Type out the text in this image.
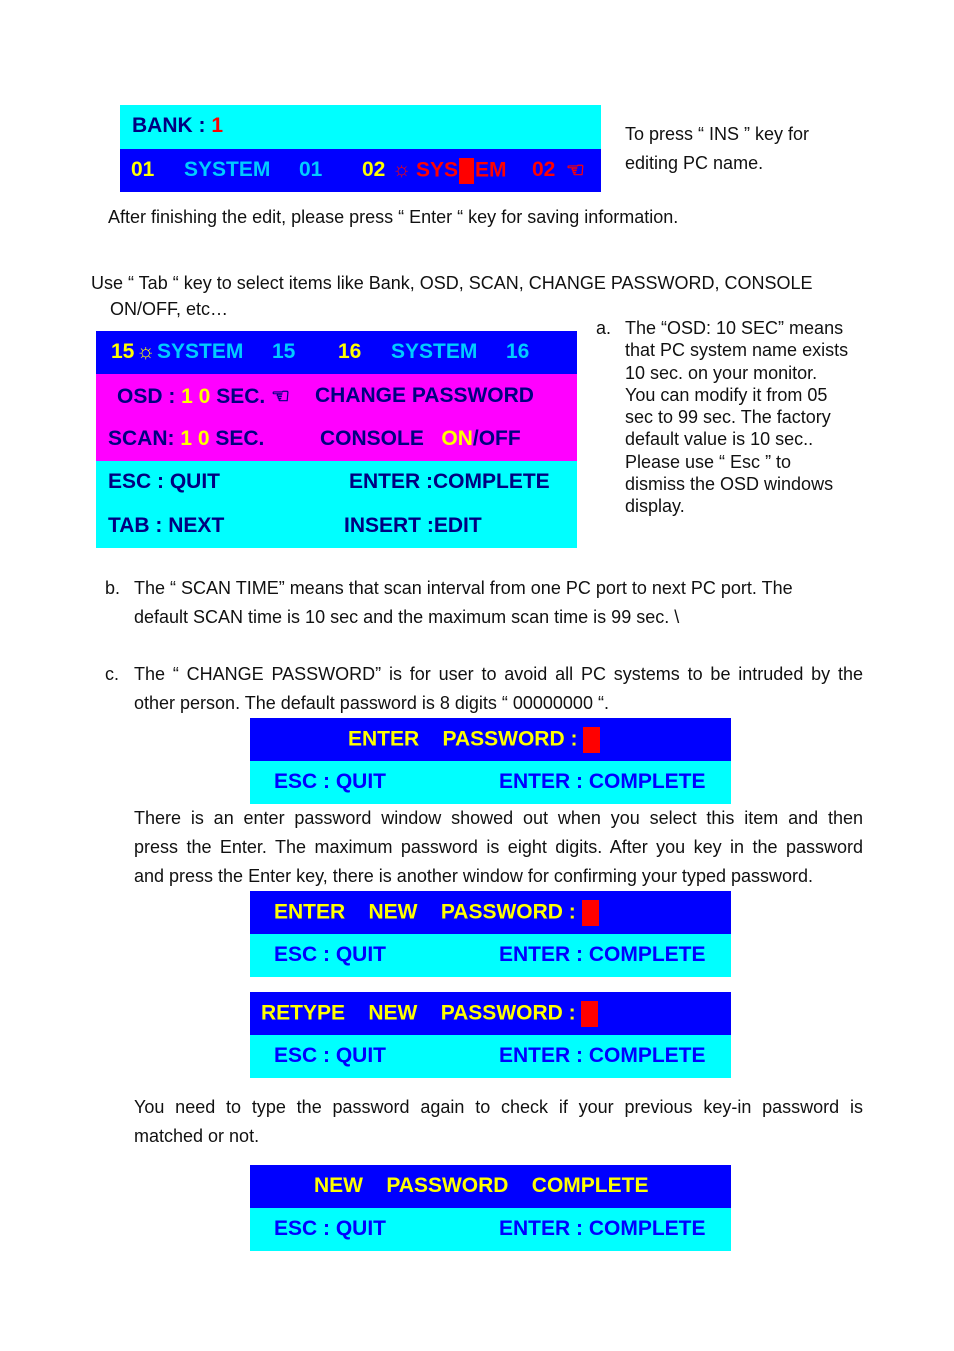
BANK : 1
01 SYSTEM 01 02 ☼ SYS EM 02 ☜
To press “ INS ” key for
editing PC name.
After finishing the edit, please press “ Enter “ key for saving information.
Use “ Tab “ key to select items like Bank, OSD, SCAN, CHANGE PASSWORD, CONSOLE
ON/OFF, etc…
15 ☼ SYSTEM 15 16 SYSTEM 16
OSD : 1 0 SEC. ☜ CHANGE PASSWORD
SCAN: 1 0 SEC.	CONSOLE ON/OFF
ESC : QUIT	ENTER :COMPLETE
TAB : NEXT	INSERT :EDIT
a. The “OSD: 10 SEC” means
that PC system name exists
10 sec. on your monitor.
You can modify it from 05
sec to 99 sec. The factory
default value is 10 sec..
Please use “ Esc ” to
dismiss the OSD windows
display.
b. The “ SCAN TIME” means that scan interval from one PC port to next PC port. The
default SCAN time is 10 sec and the maximum scan time is 99 sec. \
c. The “ CHANGE PASSWORD” is for user to avoid all PC systems to be intruded by the
other person. The default password is 8 digits “ 00000000 “.
ENTER    PASSWORD :
ESC : QUIT	ENTER : COMPLETE
There is an enter password window showed out when you select this item and then
press the Enter. The maximum password is eight digits. After you key in the password
and press the Enter key, there is another window for confirming your typed password.
ENTER    NEW    PASSWORD :
ESC : QUIT	ENTER : COMPLETE
RETYPE    NEW    PASSWORD :
ESC : QUIT	ENTER : COMPLETE
You need to type the password again to check if your previous key-in password is
matched or not.
NEW    PASSWORD    COMPLETE
ESC : QUIT	ENTER : COMPLETE
